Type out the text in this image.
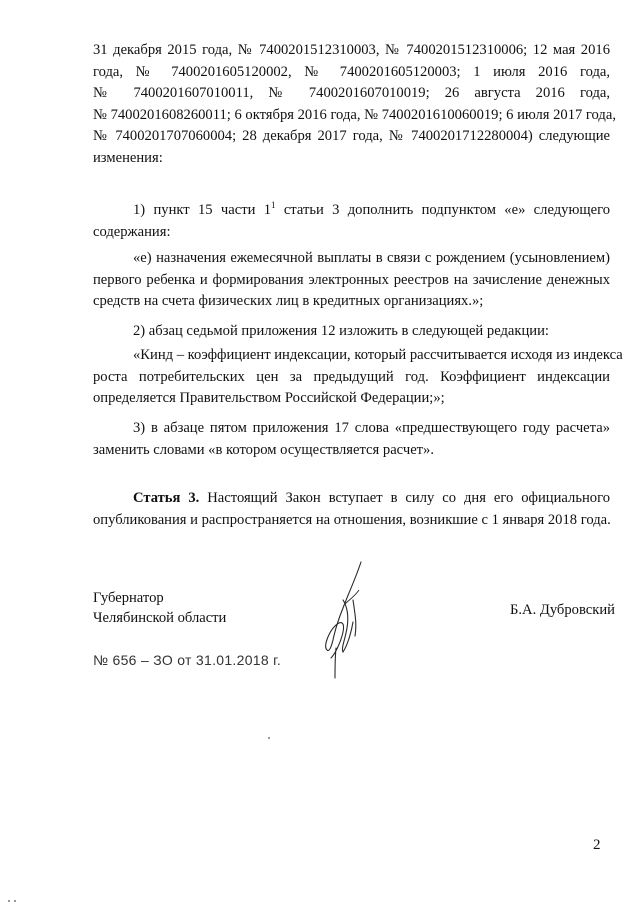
31 декабря 2015 года, № 7400201512310003, № 7400201512310006; 12 мая 2016
года, № 7400201605120002, № 7400201605120003; 1 июля 2016 года,
№ 7400201607010011, № 7400201607010019; 26 августа 2016 года,
№ 7400201608260011; 6 октября 2016 года, № 7400201610060019; 6 июля 2017 года,
№ 7400201707060004; 28 декабря 2017 года, № 7400201712280004) следующие
изменения:
1) пункт 15 части $1^1$ статьи 3 дополнить подпунктом «е» следующего
содержания:
«е) назначения ежемесячной выплаты в связи с рождением (усыновлением)
первого ребенка и формирования электронных реестров на зачисление денежных
средств на счета физических лиц в кредитных организациях.»;
2) абзац седьмой приложения 12 изложить в следующей редакции:
«Кинд – коэффициент индексации, который рассчитывается исходя из индекса
роста потребительских цен за предыдущий год. Коэффициент индексации
определяется Правительством Российской Федерации;»;
3) в абзаце пятом приложения 17 слова «предшествующего году расчета»
заменить словами «в котором осуществляется расчет».
Статья 3. Настоящий Закон вступает в силу со дня его официального
опубликования и распространяется на отношения, возникшие с 1 января 2018 года.
Губернатор
Челябинской области	Б.А. Дубровский
№ 656 – ЗО от 31.01.2018 г.
2
